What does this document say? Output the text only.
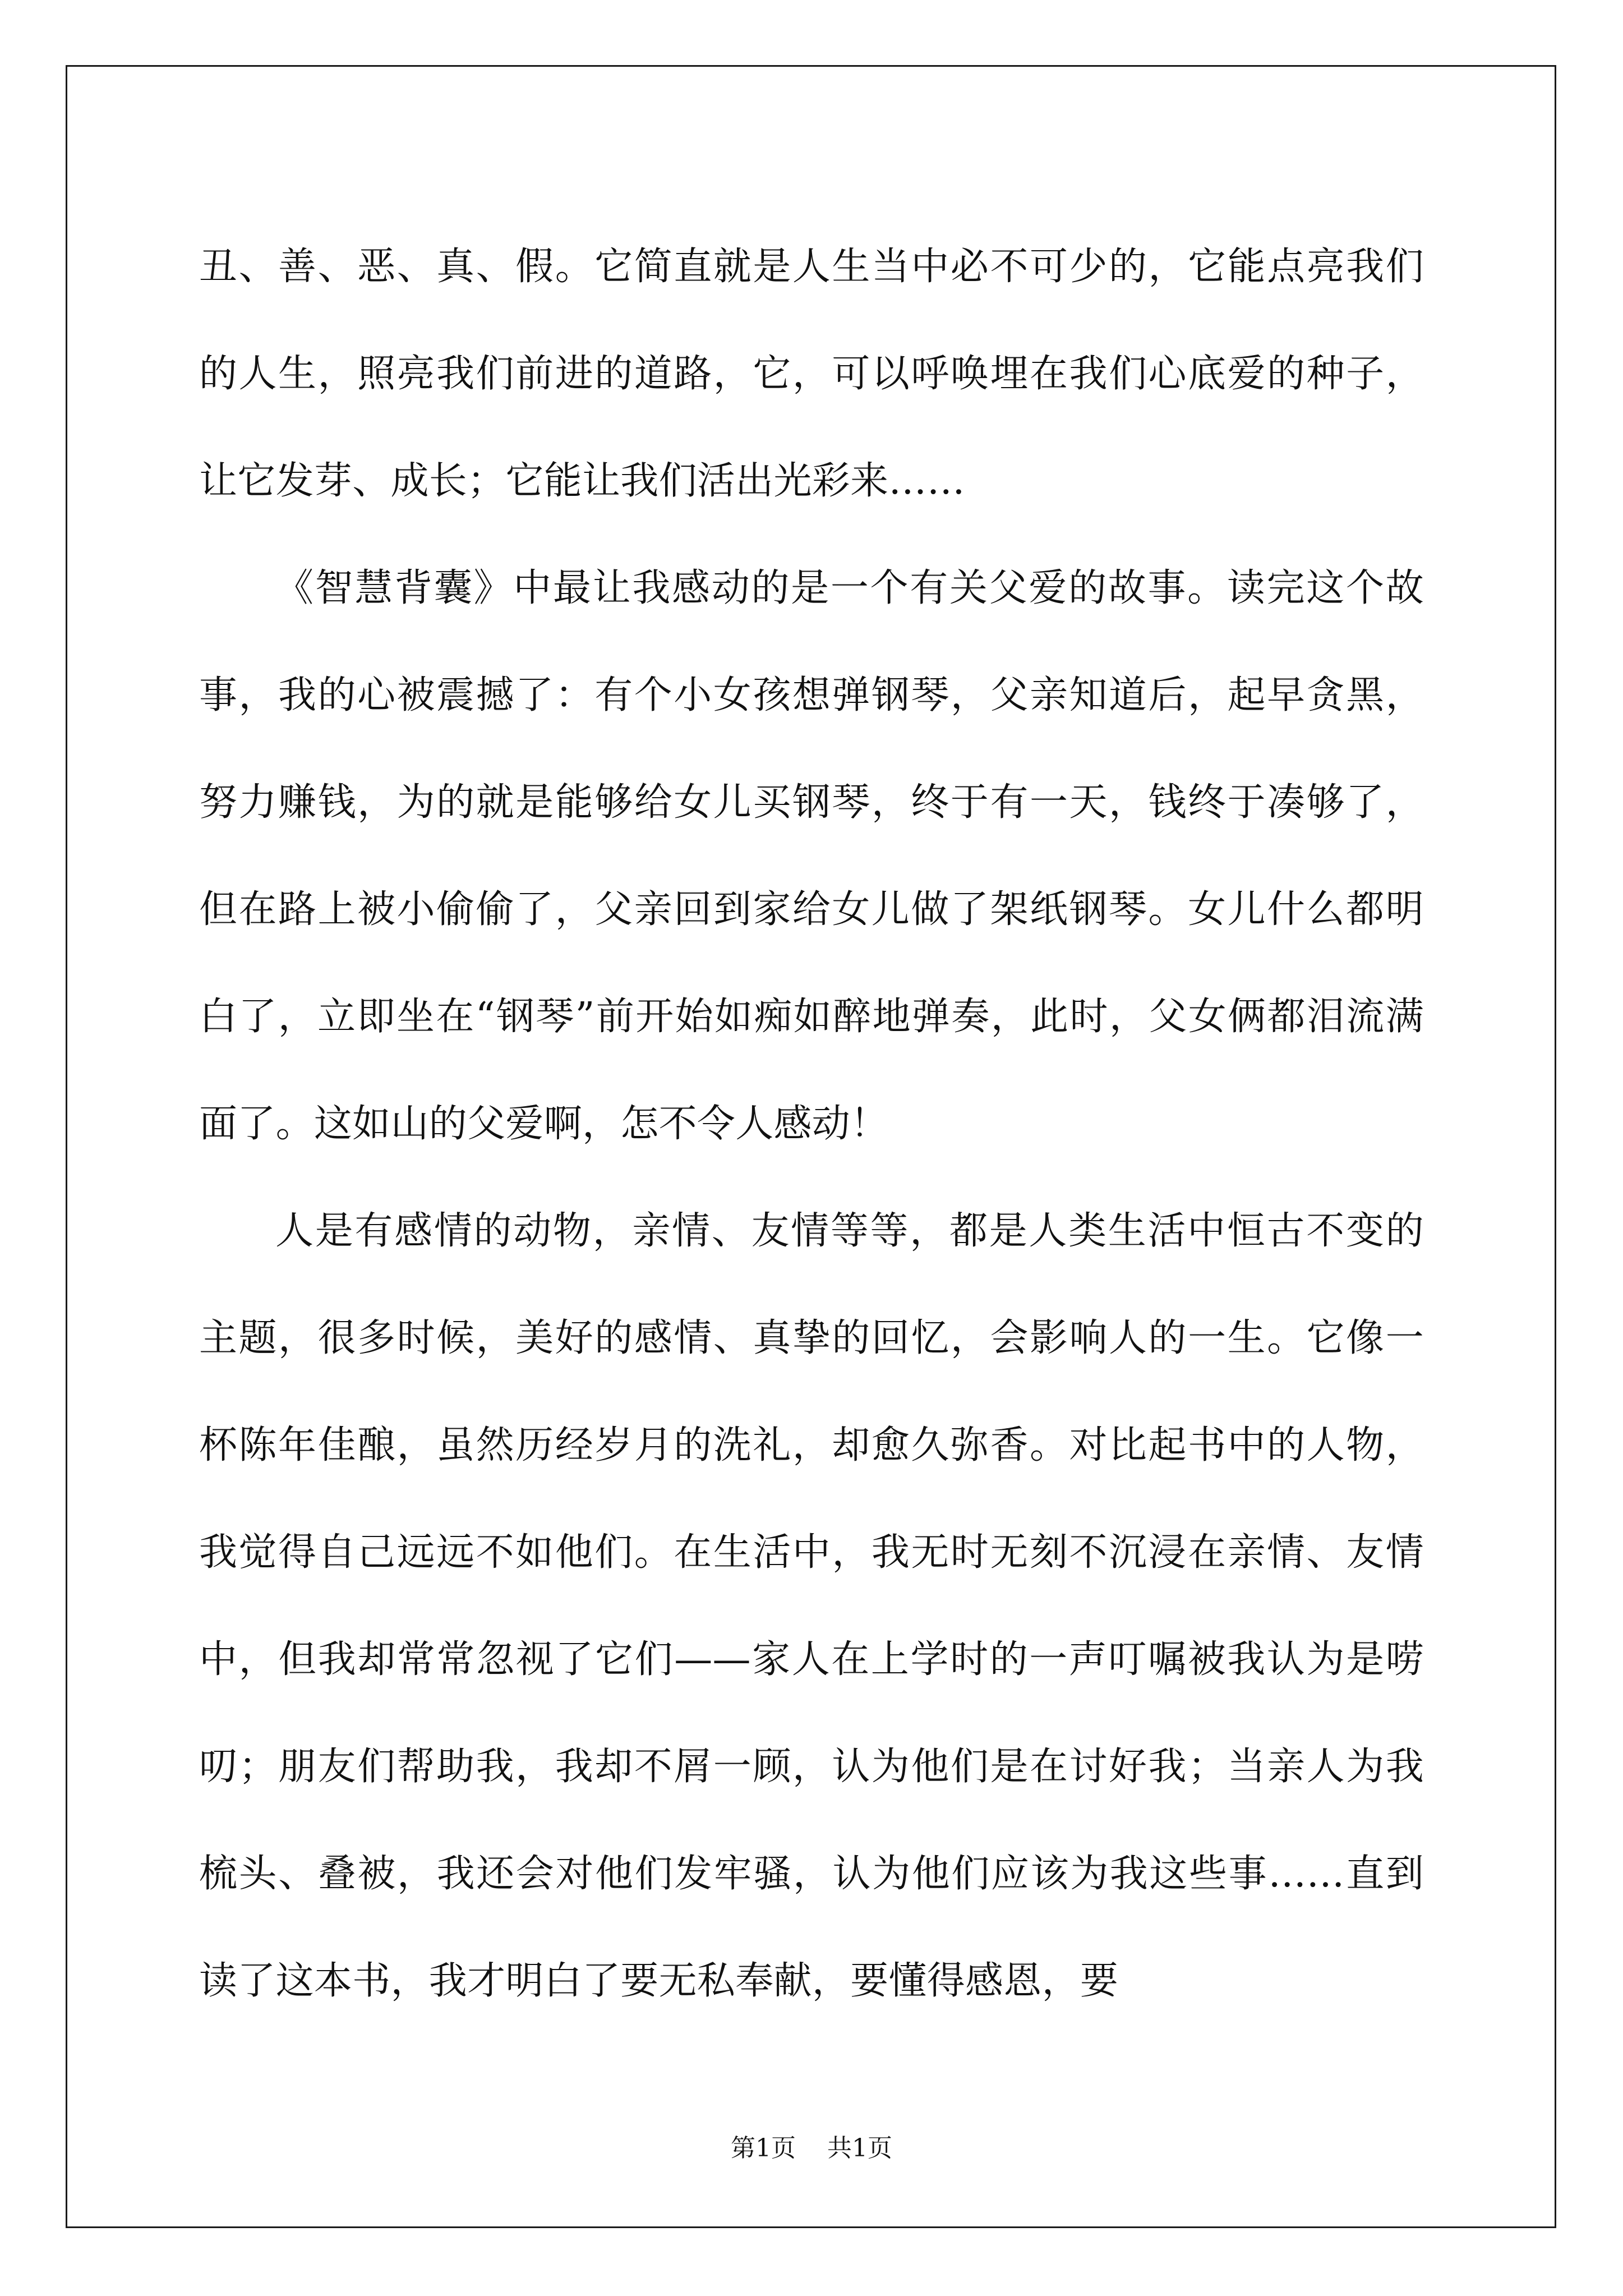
丑、善、恶、真、假。它简直就是人生当中必不可少的，它能点亮我们的人生，照亮我们前进的道路，它，可以呼唤埋在我们心底爱的种子，让它发芽、成长；它能让我们活出光彩来……

《智慧背囊》中最让我感动的是一个有关父爱的故事。读完这个故事，我的心被震撼了：有个小女孩想弹钢琴，父亲知道后，起早贪黑，努力赚钱，为的就是能够给女儿买钢琴，终于有一天，钱终于凑够了，但在路上被小偷偷了，父亲回到家给女儿做了架纸钢琴。女儿什么都明白了，立即坐在“钢琴”前开始如痴如醉地弹奏，此时，父女俩都泪流满面了。这如山的父爱啊，怎不令人感动！

人是有感情的动物，亲情、友情等等，都是人类生活中恒古不变的主题，很多时候，美好的感情、真挚的回忆，会影响人的一生。它像一杯陈年佳酿，虽然历经岁月的洗礼，却愈久弥香。对比起书中的人物，我觉得自己远远不如他们。在生活中，我无时无刻不沉浸在亲情、友情中，但我却常常忽视了它们——家人在上学时的一声叮嘱被我认为是唠叨；朋友们帮助我，我却不屑一顾，认为他们是在讨好我；当亲人为我梳头、叠被，我还会对他们发牢骚，认为他们应该为我这些事……直到读了这本书，我才明白了要无私奉献，要懂得感恩，要

第1页 共1页
